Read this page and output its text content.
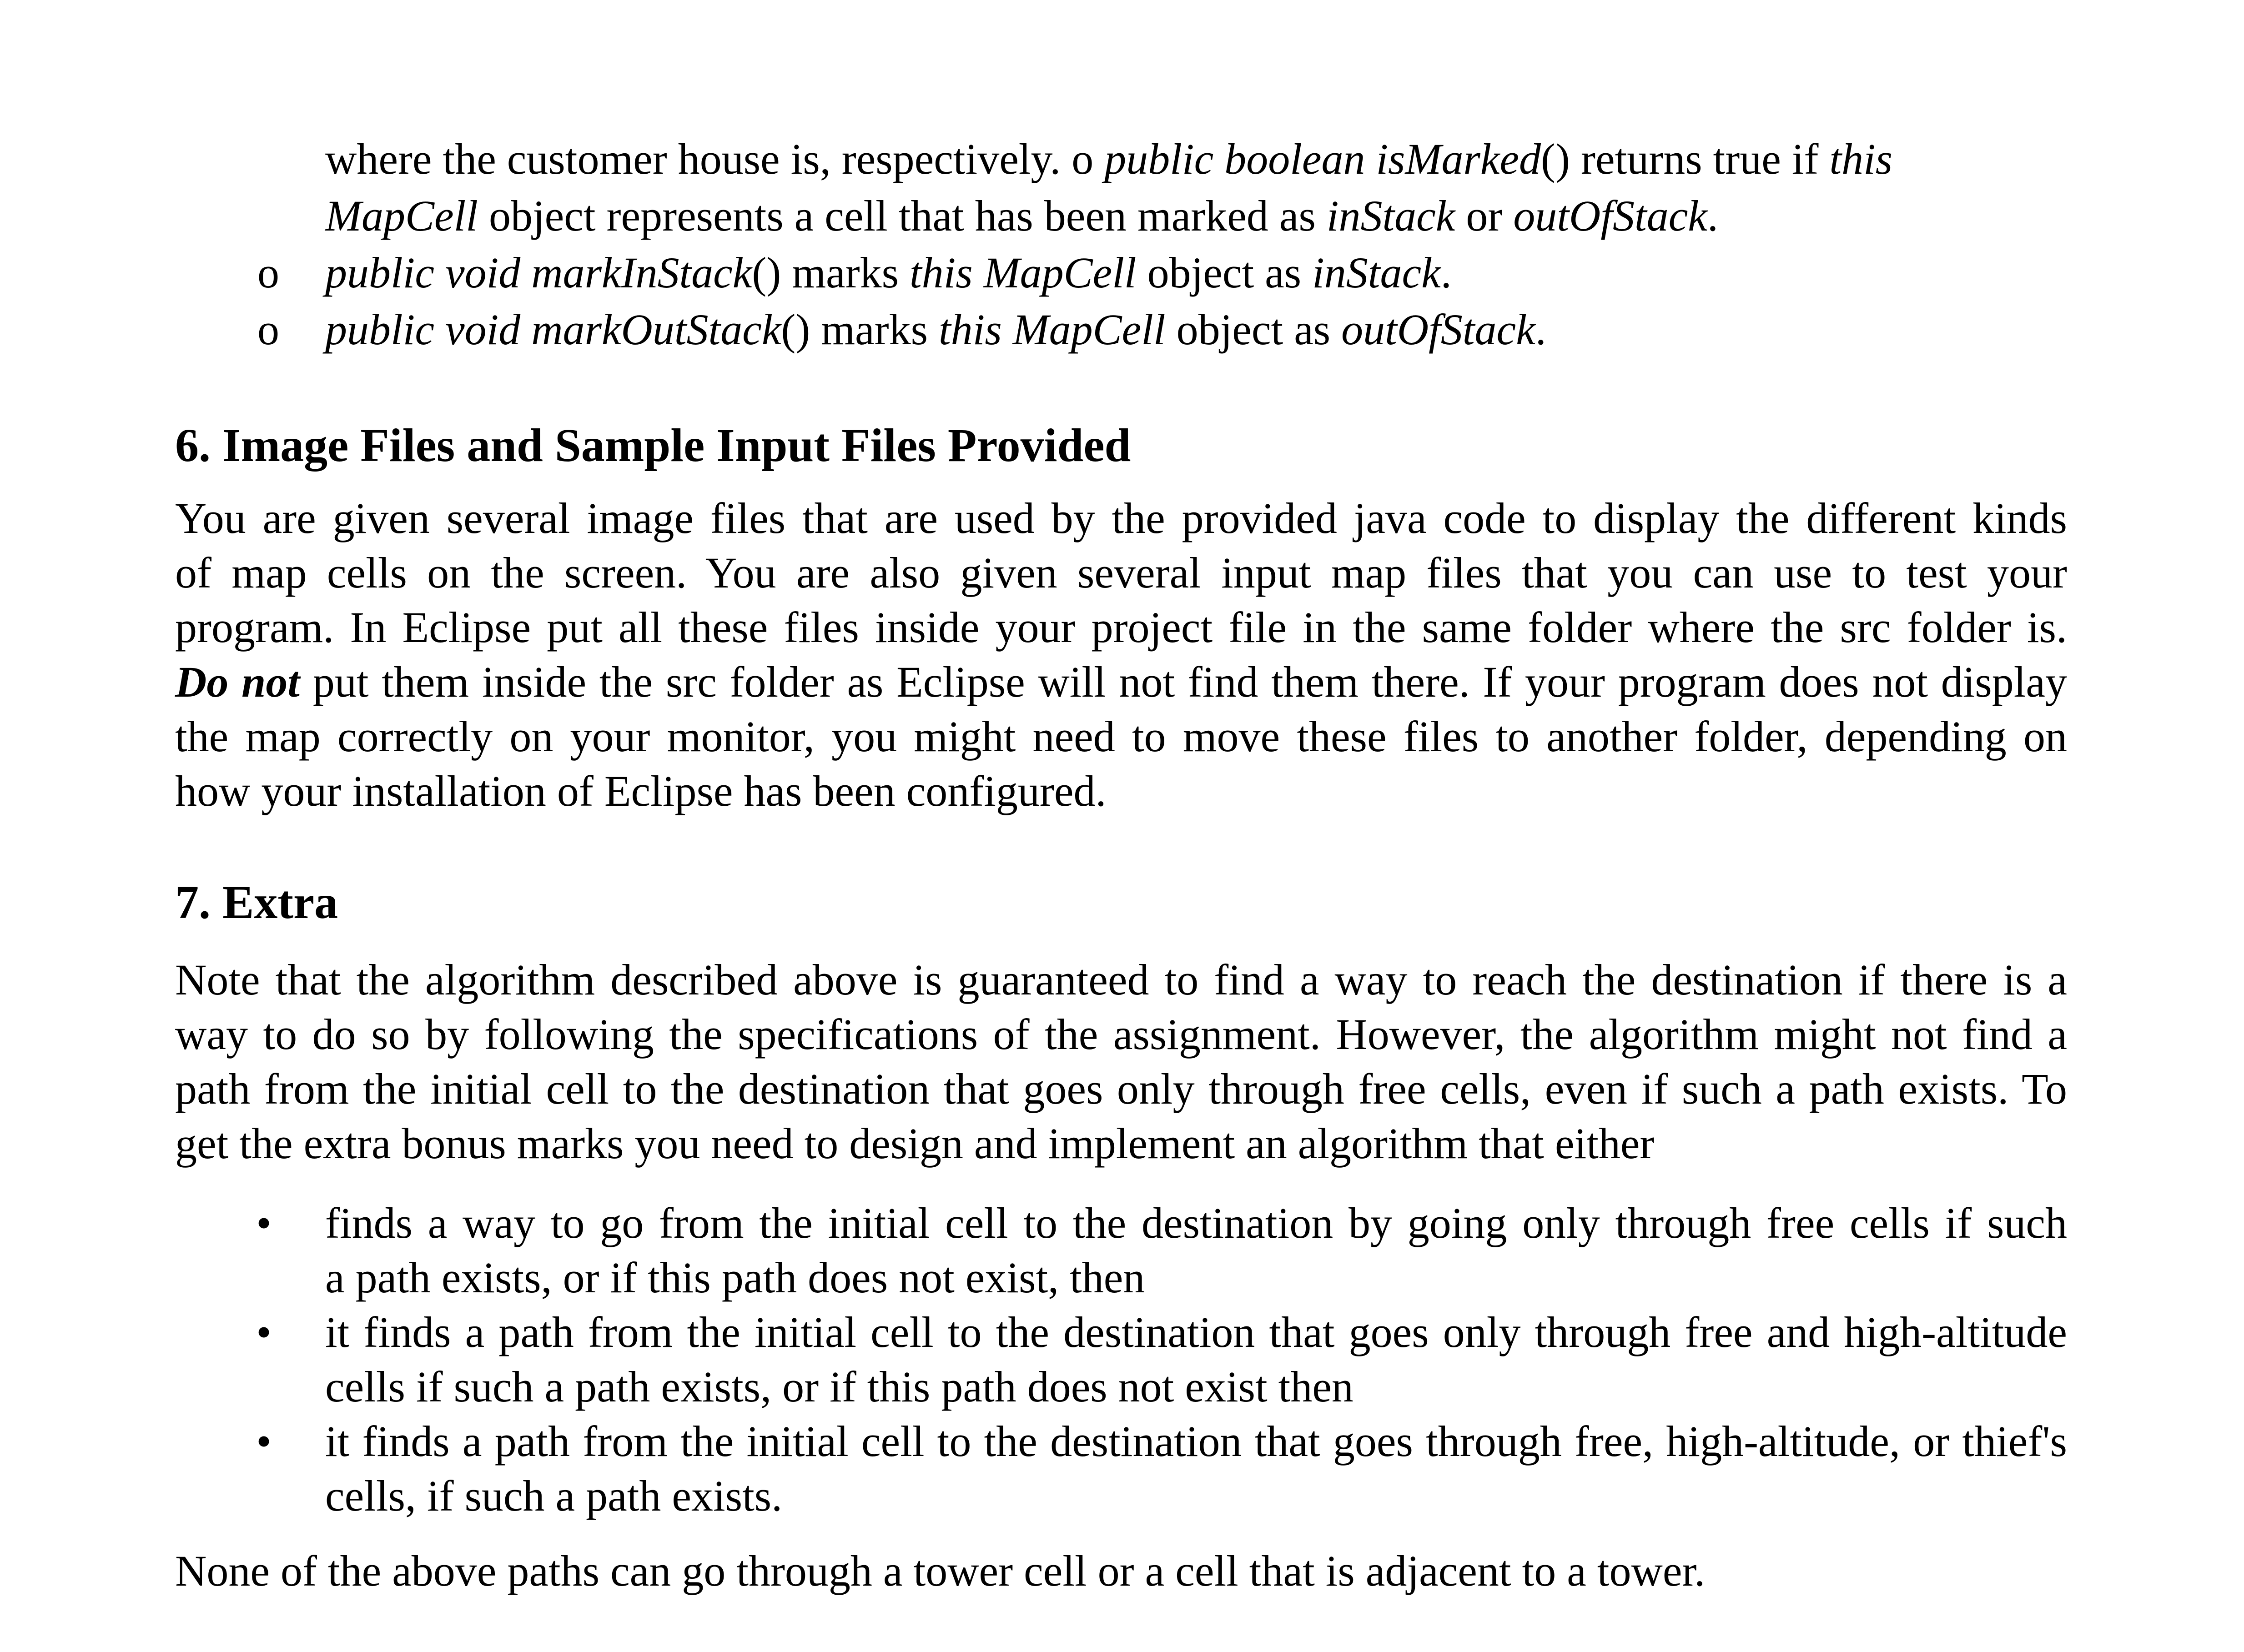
where the customer house is, respectively. o public boolean isMarked() returns true if this
MapCell object represents a cell that has been marked as inStack or outOfStack.
o public void markInStack() marks this MapCell object as inStack.
o public void markOutStack() marks this MapCell object as outOfStack.
6. Image Files and Sample Input Files Provided
You are given several image files that are used by the provided java code to display the different kinds
of map cells on the screen. You are also given several input map files that you can use to test your
program. In Eclipse put all these files inside your project file in the same folder where the src folder is.
Do not put them inside the src folder as Eclipse will not find them there. If your program does not display
the map correctly on your monitor, you might need to move these files to another folder, depending on
how your installation of Eclipse has been configured.
7. Extra
Note that the algorithm described above is guaranteed to find a way to reach the destination if there is a
way to do so by following the specifications of the assignment. However, the algorithm might not find a
path from the initial cell to the destination that goes only through free cells, even if such a path exists. To
get the extra bonus marks you need to design and implement an algorithm that either
• finds a way to go from the initial cell to the destination by going only through free cells if such
a path exists, or if this path does not exist, then
• it finds a path from the initial cell to the destination that goes only through free and high-altitude
cells if such a path exists, or if this path does not exist then
• it finds a path from the initial cell to the destination that goes through free, high-altitude, or thief's
cells, if such a path exists.
None of the above paths can go through a tower cell or a cell that is adjacent to a tower.
